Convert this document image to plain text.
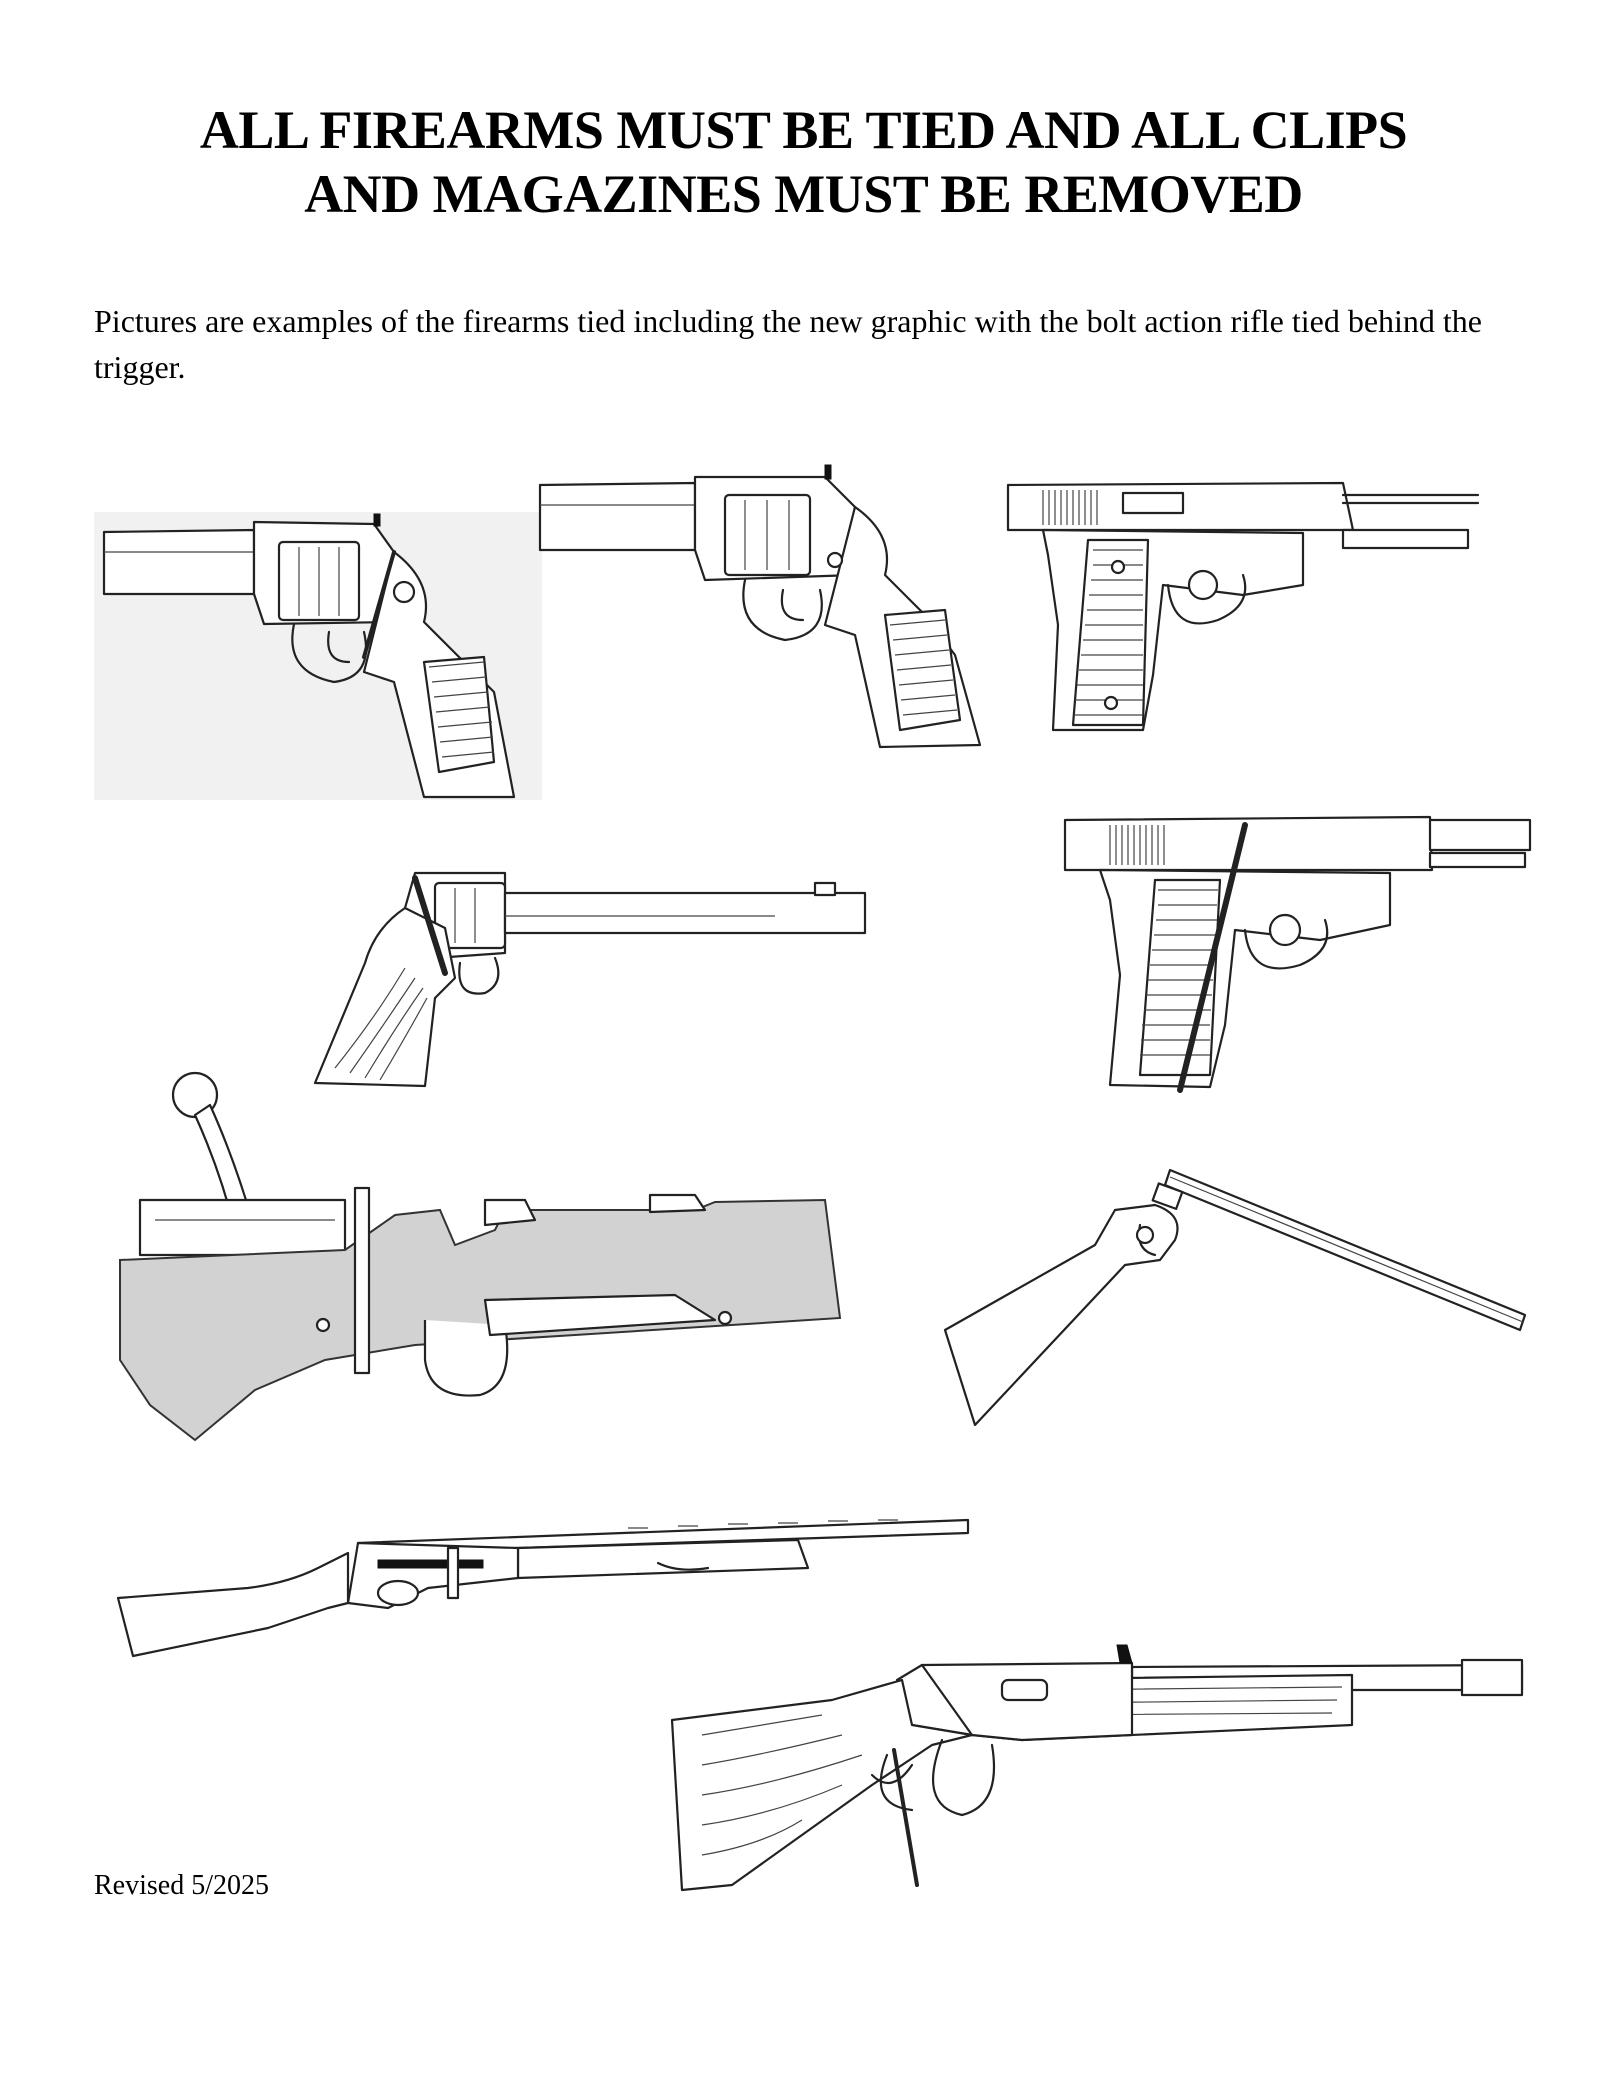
ALL FIREARMS MUST BE TIED AND ALL CLIPS
AND MAGAZINES MUST BE REMOVED
Pictures are examples of the firearms tied including the new graphic with the bolt action rifle tied behind the trigger.
Revised 5/2025
